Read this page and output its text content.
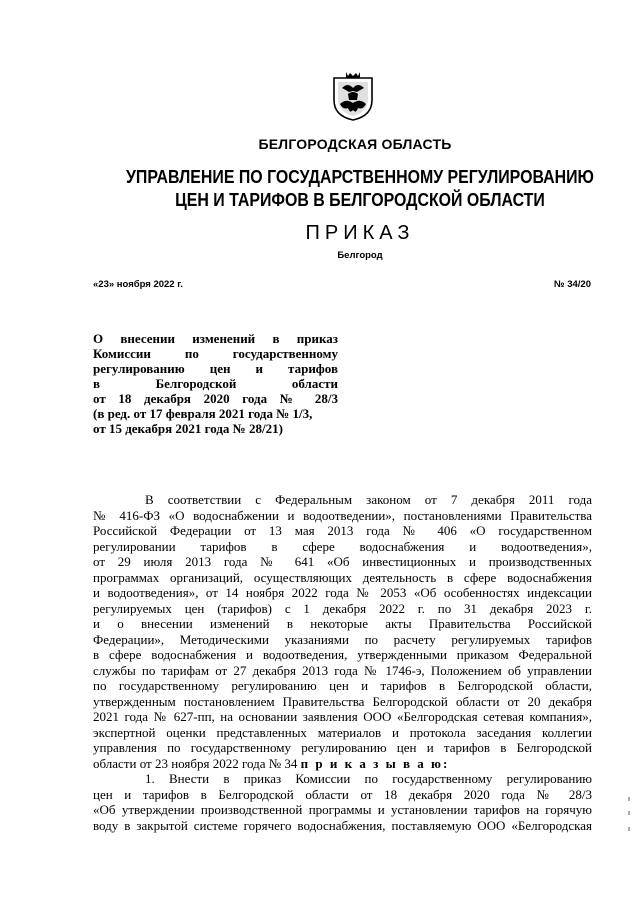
БЕЛГОРОДСКАЯ ОБЛАСТЬ
УПРАВЛЕНИЕ ПО ГОСУДАРСТВЕННОМУ РЕГУЛИРОВАНИЮ
ЦЕН И ТАРИФОВ В БЕЛГОРОДСКОЙ ОБЛАСТИ
ПРИКАЗ
Белгород
«23» ноября 2022 г.	№ 34/20
О внесении изменений в приказ
Комиссии по государственному
регулированию цен и тарифов
в Белгородской области
от 18 декабря 2020 года № 28/3
(в ред. от 17 февраля 2021 года № 1/3,
от 15 декабря 2021 года № 28/21)
В соответствии с Федеральным законом от 7 декабря 2011 года
№ 416-ФЗ «О водоснабжении и водоотведении», постановлениями Правительства
Российской Федерации от 13 мая 2013 года № 406 «О государственном
регулировании тарифов в сфере водоснабжения и водоотведения»,
от 29 июля 2013 года № 641 «Об инвестиционных и производственных
программах организаций, осуществляющих деятельность в сфере водоснабжения
и водоотведения», от 14 ноября 2022 года № 2053 «Об особенностях индексации
регулируемых цен (тарифов) с 1 декабря 2022 г. по 31 декабря 2023 г.
и о внесении изменений в некоторые акты Правительства Российской
Федерации», Методическими указаниями по расчету регулируемых тарифов
в сфере водоснабжения и водоотведения, утвержденными приказом Федеральной
службы по тарифам от 27 декабря 2013 года № 1746-э, Положением об управлении
по государственному регулированию цен и тарифов в Белгородской области,
утвержденным постановлением Правительства Белгородской области от 20 декабря
2021 года № 627-пп, на основании заявления ООО «Белгородская сетевая компания»,
экспертной оценки представленных материалов и протокола заседания коллегии
управления по государственному регулированию цен и тарифов в Белгородской
области от 23 ноября 2022 года № 34 п р и к а з ы в а ю:
1. Внести в приказ Комиссии по государственному регулированию
цен и тарифов в Белгородской области от 18 декабря 2020 года № 28/3
«Об утверждении производственной программы и установлении тарифов на горячую
воду в закрытой системе горячего водоснабжения, поставляемую ООО «Белгородская
